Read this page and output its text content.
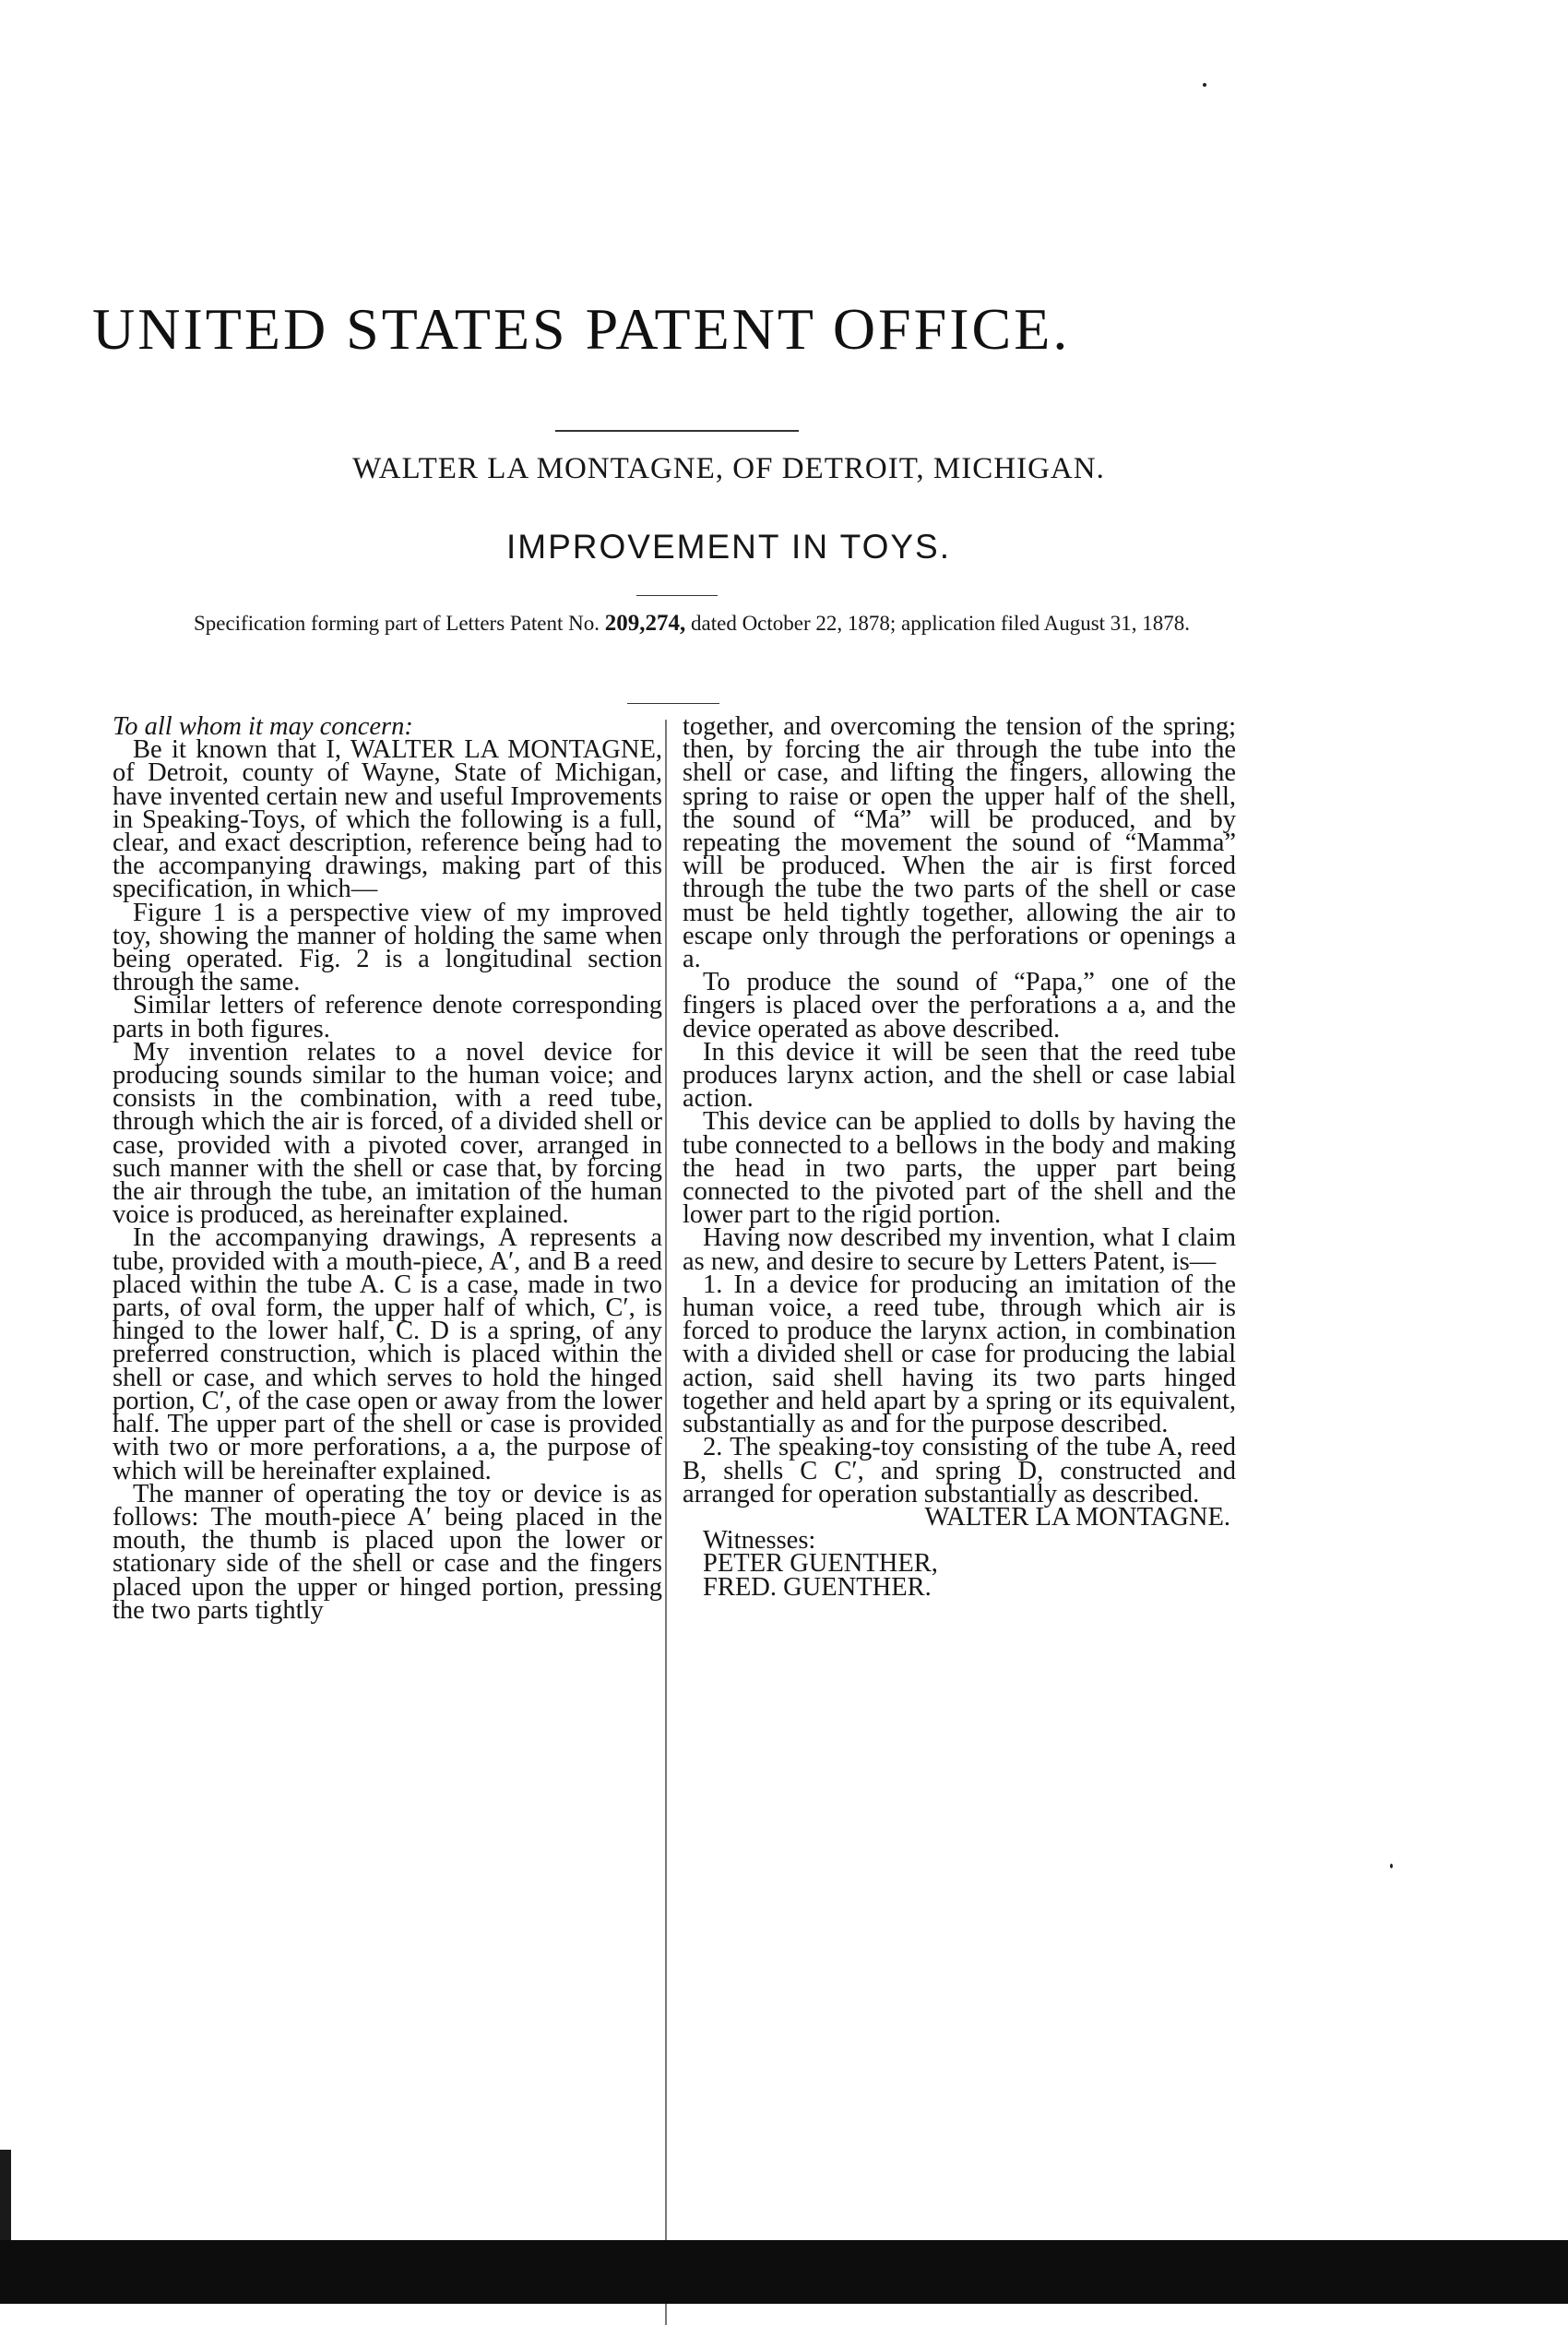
UNITED STATES PATENT OFFICE.
WALTER LA MONTAGNE, OF DETROIT, MICHIGAN.
IMPROVEMENT IN TOYS.
Specification forming part of Letters Patent No. 209,274, dated October 22, 1878; application filed August 31, 1878.

To all whom it may concern:

Be it known that I, WALTER LA MONTAGNE, of Detroit, county of Wayne, State of Michigan, have invented certain new and useful Improvements in Speaking-Toys, of which the following is a full, clear, and exact description, reference being had to the accompanying drawings, making part of this specification, in which—

Figure 1 is a perspective view of my improved toy, showing the manner of holding the same when being operated. Fig. 2 is a longitudinal section through the same.

Similar letters of reference denote corresponding parts in both figures.

My invention relates to a novel device for producing sounds similar to the human voice; and consists in the combination, with a reed tube, through which the air is forced, of a divided shell or case, provided with a pivoted cover, arranged in such manner with the shell or case that, by forcing the air through the tube, an imitation of the human voice is produced, as hereinafter explained.

In the accompanying drawings, A represents a tube, provided with a mouth-piece, A′, and B a reed placed within the tube A. C is a case, made in two parts, of oval form, the upper half of which, C′, is hinged to the lower half, C. D is a spring, of any preferred construction, which is placed within the shell or case, and which serves to hold the hinged portion, C′, of the case open or away from the lower half. The upper part of the shell or case is provided with two or more perforations, a a, the purpose of which will be hereinafter explained.

The manner of operating the toy or device is as follows: The mouth-piece A′ being placed in the mouth, the thumb is placed upon the lower or stationary side of the shell or case and the fingers placed upon the upper or hinged portion, pressing the two parts tightly

together, and overcoming the tension of the spring; then, by forcing the air through the tube into the shell or case, and lifting the fingers, allowing the spring to raise or open the upper half of the shell, the sound of “Ma” will be produced, and by repeating the movement the sound of “Mamma” will be produced. When the air is first forced through the tube the two parts of the shell or case must be held tightly together, allowing the air to escape only through the perforations or openings a a.

To produce the sound of “Papa,” one of the fingers is placed over the perforations a a, and the device operated as above described.

In this device it will be seen that the reed tube produces larynx action, and the shell or case labial action.

This device can be applied to dolls by having the tube connected to a bellows in the body and making the head in two parts, the upper part being connected to the pivoted part of the shell and the lower part to the rigid portion.

Having now described my invention, what I claim as new, and desire to secure by Letters Patent, is—

1. In a device for producing an imitation of the human voice, a reed tube, through which air is forced to produce the larynx action, in combination with a divided shell or case for producing the labial action, said shell having its two parts hinged together and held apart by a spring or its equivalent, substantially as and for the purpose described.

2. The speaking-toy consisting of the tube A, reed B, shells C C′, and spring D, constructed and arranged for operation substantially as described.

WALTER LA MONTAGNE.

Witnesses:

PETER GUENTHER,

FRED. GUENTHER.
